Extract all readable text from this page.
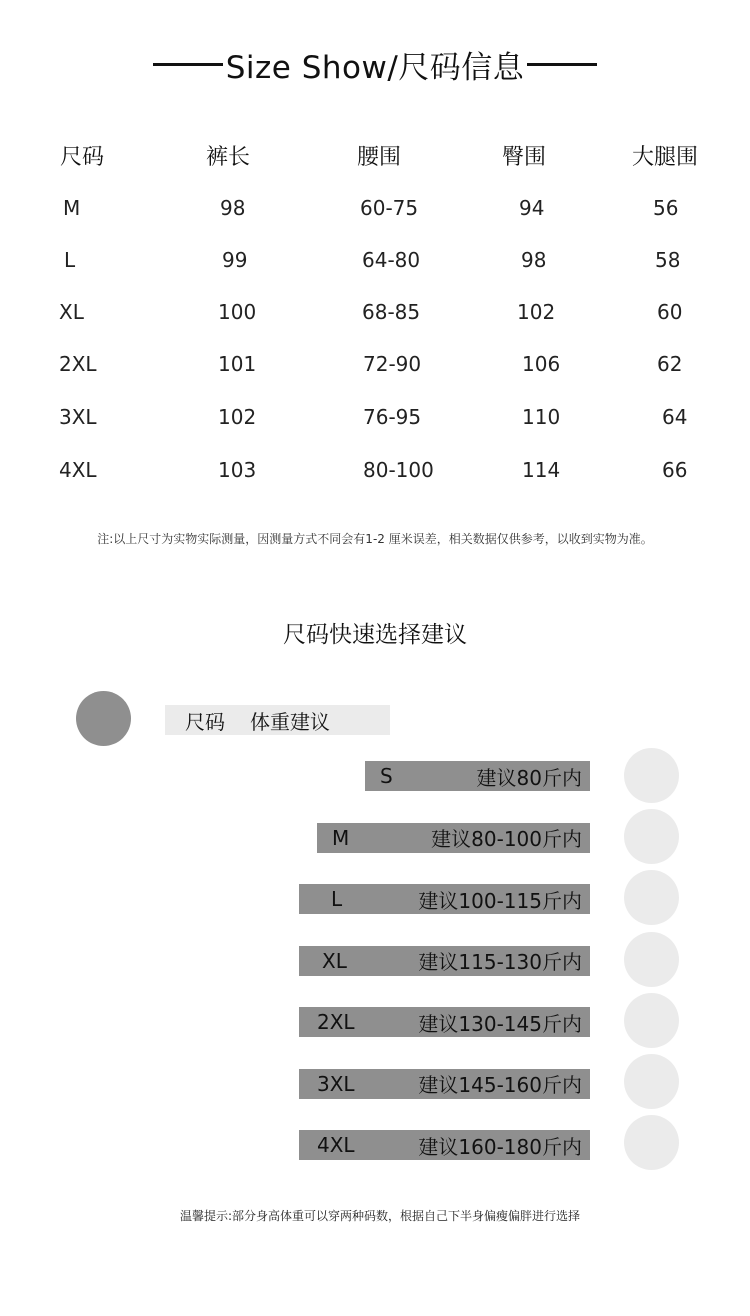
Size Show/尺码信息
尺码	裤长	腰围	臀围	大腿围
M	98	60-75	94	56
L	99	64-80	98	58
XL	100	68-85	102	60
2XL	101	72-90	106	62
3XL	102	76-95	110	64
4XL	103	80-100	114	66
注:以上尺寸为实物实际测量，因测量方式不同会有1-2 厘米误差，相关数据仅供参考，以收到实物为准。
尺码快速选择建议
尺码 体重建议
S	建议80斤内
M	建议80-100斤内
L	建议100-115斤内
XL	建议115-130斤内
2XL	建议130-145斤内
3XL	建议145-160斤内
4XL	建议160-180斤内
温馨提示:部分身高体重可以穿两种码数，根据自己下半身偏瘦偏胖进行选择
